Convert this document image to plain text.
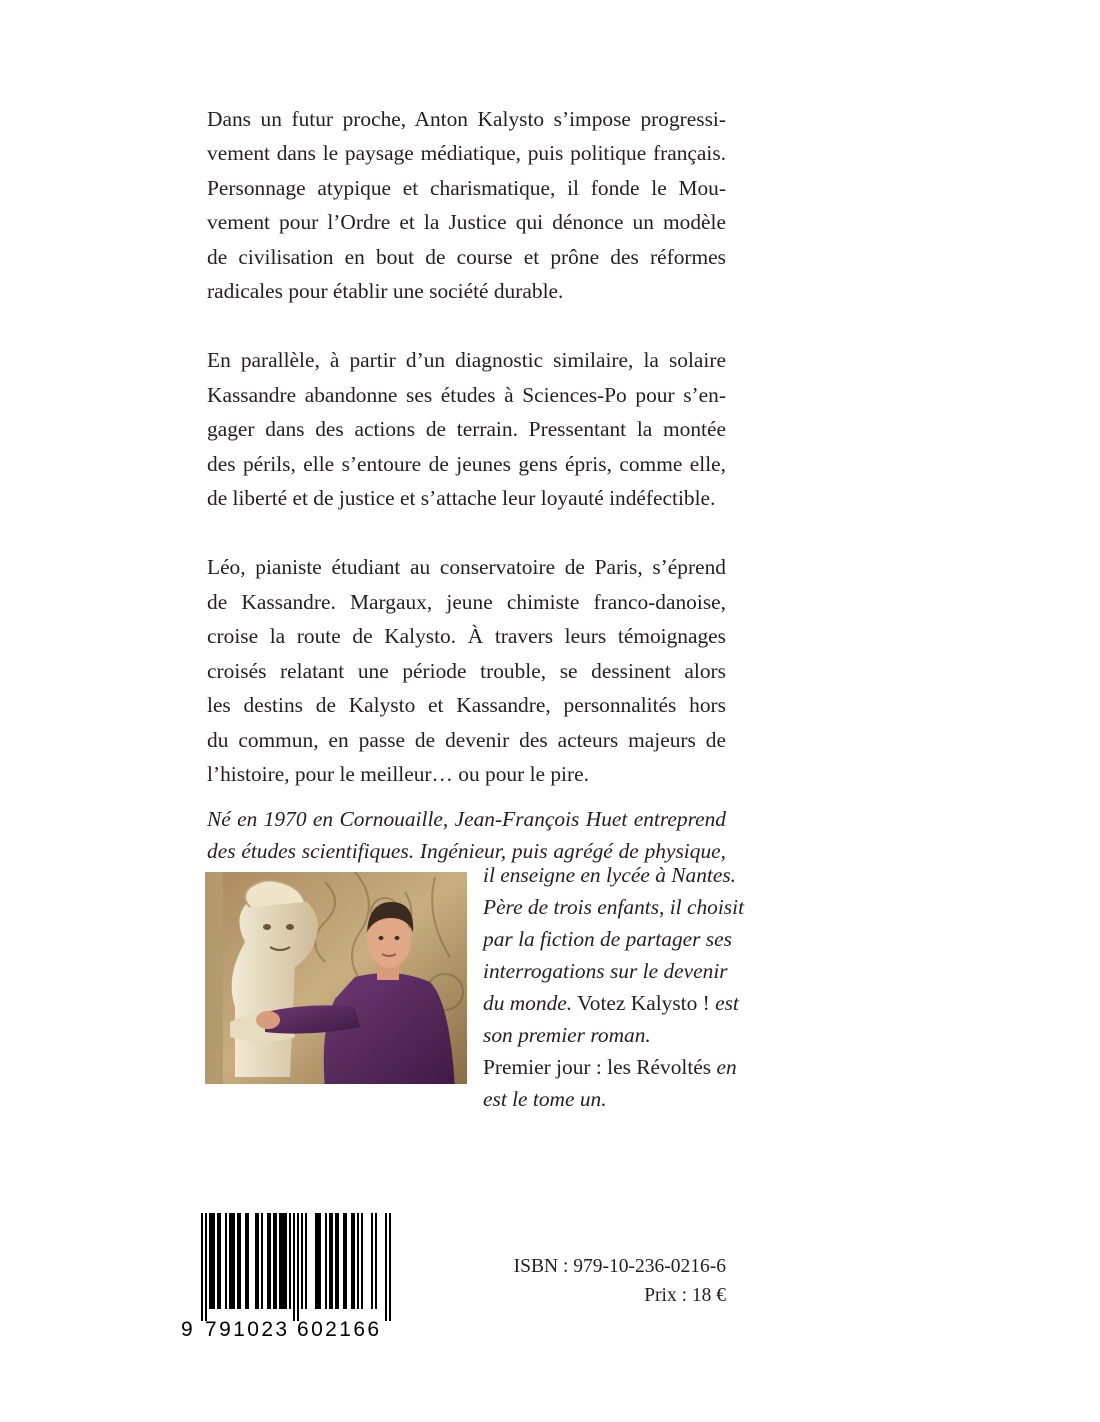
Dans un futur proche, Anton Kalysto s’impose progressi-
vement dans le paysage médiatique, puis politique français.
Personnage atypique et charismatique, il fonde le Mou-
vement pour l’Ordre et la Justice qui dénonce un modèle
de civilisation en bout de course et prône des réformes
radicales pour établir une société durable.

En parallèle, à partir d’un diagnostic similaire, la solaire
Kassandre abandonne ses études à Sciences-Po pour s’en-
gager dans des actions de terrain. Pressentant la montée
des périls, elle s’entoure de jeunes gens épris, comme elle,
de liberté et de justice et s’attache leur loyauté indéfectible.

Léo, pianiste étudiant au conservatoire de Paris, s’éprend
de Kassandre. Margaux, jeune chimiste franco-danoise,
croise la route de Kalysto. À travers leurs témoignages
croisés relatant une période trouble, se dessinent alors
les destins de Kalysto et Kassandre, personnalités hors
du commun, en passe de devenir des acteurs majeurs de
l’histoire, pour le meilleur… ou pour le pire.

Né en 1970 en Cornouaille, Jean-François Huet entreprend
des études scientifiques. Ingénieur, puis agrégé de physique,
il enseigne en lycée à Nantes.
Père de trois enfants, il choisit
par la fiction de partager ses
interrogations sur le devenir
du monde. Votez Kalysto ! est
son premier roman.
Premier jour : les Révoltés en
est le tome un.
9 791023 602166
ISBN : 979-10-236-0216-6
Prix : 18 €
